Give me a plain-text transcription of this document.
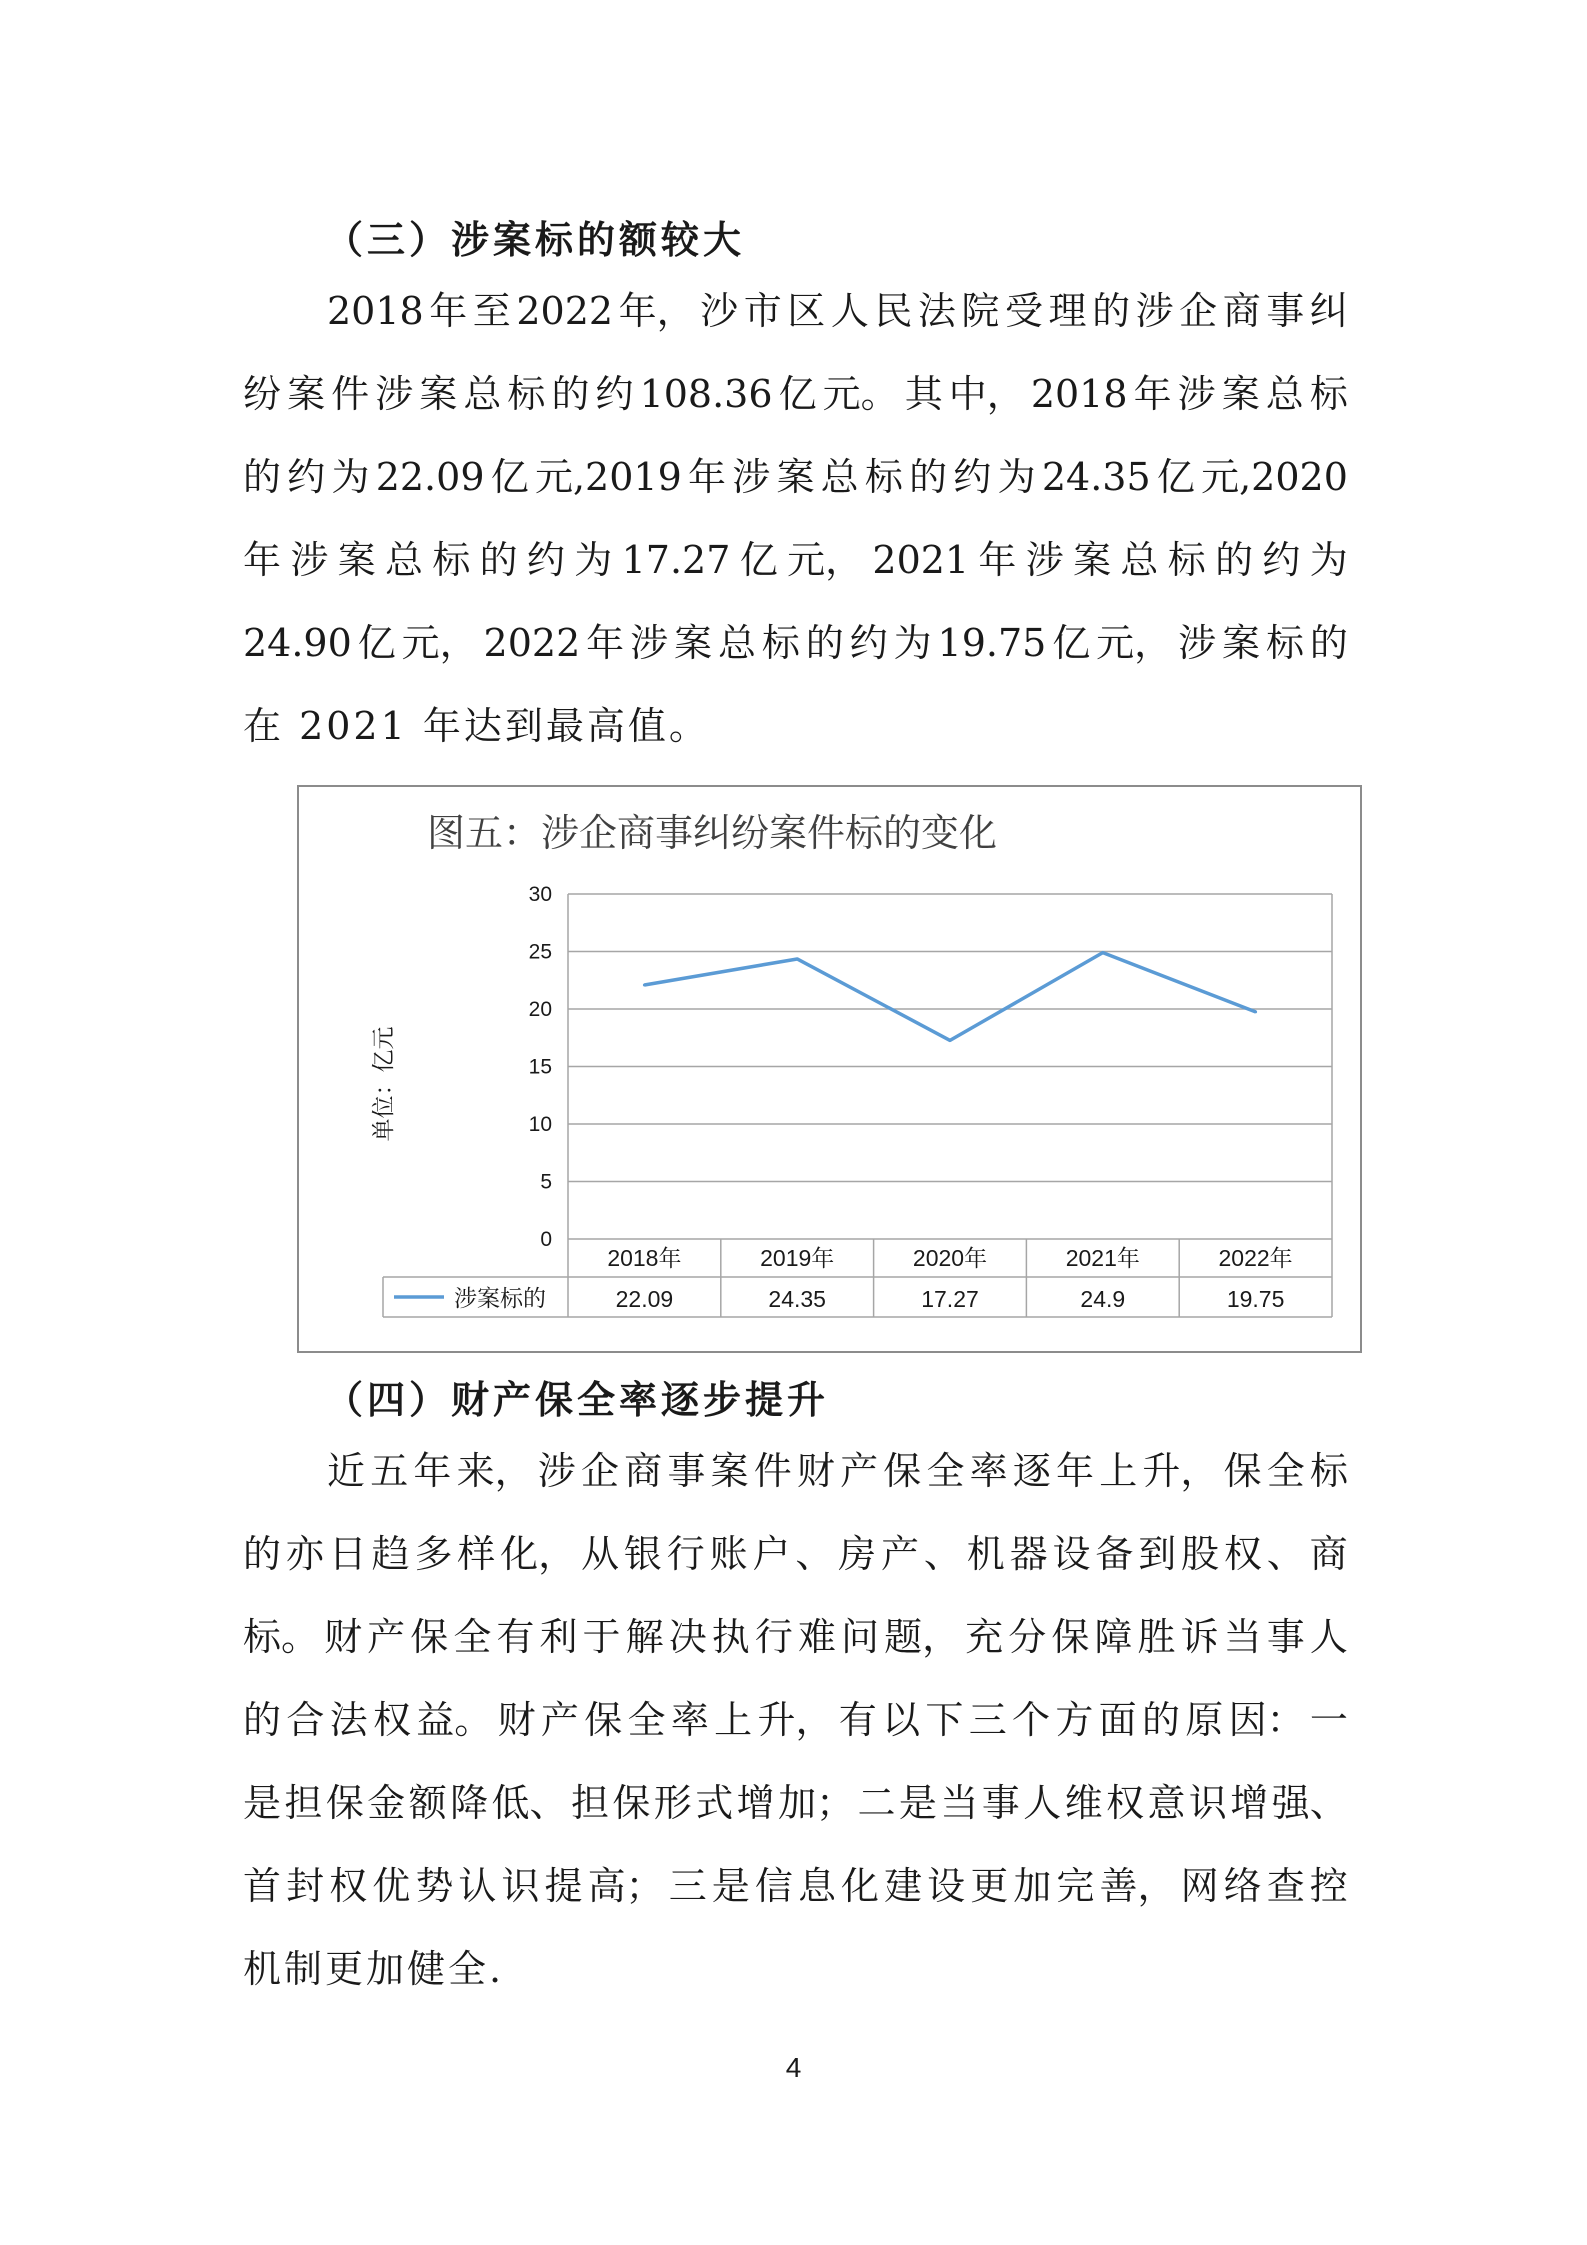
（三）涉案标的额较大
2018 年 至 2022 年， 沙 市 区 人 民 法 院 受 理 的 涉 企 商 事 纠
纷 案 件 涉 案 总 标 的 约 108.36 亿 元。 其 中， 2018 年 涉 案 总 标
的 约 为 22.09 亿 元,2019 年 涉 案 总 标 的 约 为 24.35 亿 元,2020
年 涉 案 总 标 的 约 为 17.27 亿 元， 2021 年 涉 案 总 标 的 约 为
24.90 亿 元， 2022 年 涉 案 总 标 的 约 为 19.75 亿 元， 涉 案 标 的
在 2021 年达到最高值。
图五：涉企商事纠纷案件标的变化
0
5
10
15
20
25
30
单位：亿元
2018年
22.09
2019年
24.35
2020年
17.27
2021年
24.9
2022年
19.75
涉案标的
（四）财产保全率逐步提升
近 五 年 来， 涉 企 商 事 案 件 财 产 保 全 率 逐 年 上 升， 保 全 标
的 亦 日 趋 多 样 化， 从 银 行 账 户 、 房 产 、 机 器 设 备 到 股 权 、 商
标。 财 产 保 全 有 利 于 解 决 执 行 难 问 题， 充 分 保 障 胜 诉 当 事 人
的 合 法 权 益。 财 产 保 全 率 上 升， 有 以 下 三 个 方 面 的 原 因： 一
是 担 保 金 额 降 低、 担 保 形 式 增 加； 二 是 当 事 人 维 权 意 识 增 强、
首 封 权 优 势 认 识 提 高； 三 是 信 息 化 建 设 更 加 完 善， 网 络 查 控
机制更加健全.
4
